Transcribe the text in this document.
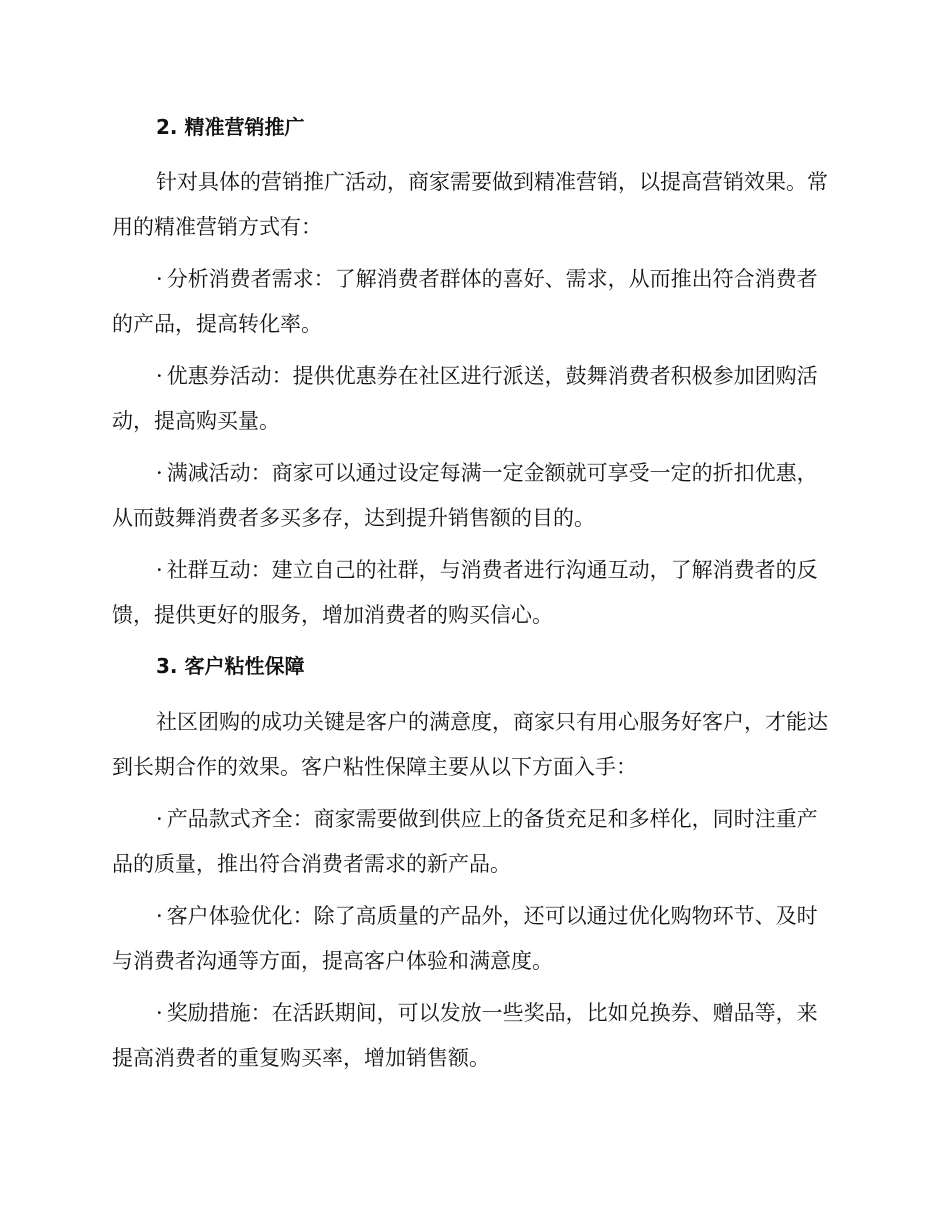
2. 精准营销推广

针对具体的营销推广活动，商家需要做到精准营销，以提高营销效果。常用的精准营销方式有：

· 分析消费者需求：了解消费者群体的喜好、需求，从而推出符合消费者的产品，提高转化率。

· 优惠券活动：提供优惠券在社区进行派送，鼓舞消费者积极参加团购活动，提高购买量。

· 满减活动：商家可以通过设定每满一定金额就可享受一定的折扣优惠，从而鼓舞消费者多买多存，达到提升销售额的目的。

· 社群互动：建立自己的社群，与消费者进行沟通互动，了解消费者的反馈，提供更好的服务，增加消费者的购买信心。

3. 客户粘性保障

社区团购的成功关键是客户的满意度，商家只有用心服务好客户，才能达到长期合作的效果。客户粘性保障主要从以下方面入手：

· 产品款式齐全：商家需要做到供应上的备货充足和多样化，同时注重产品的质量，推出符合消费者需求的新产品。

· 客户体验优化：除了高质量的产品外，还可以通过优化购物环节、及时与消费者沟通等方面，提高客户体验和满意度。

· 奖励措施：在活跃期间，可以发放一些奖品，比如兑换券、赠品等，来提高消费者的重复购买率，增加销售额。
